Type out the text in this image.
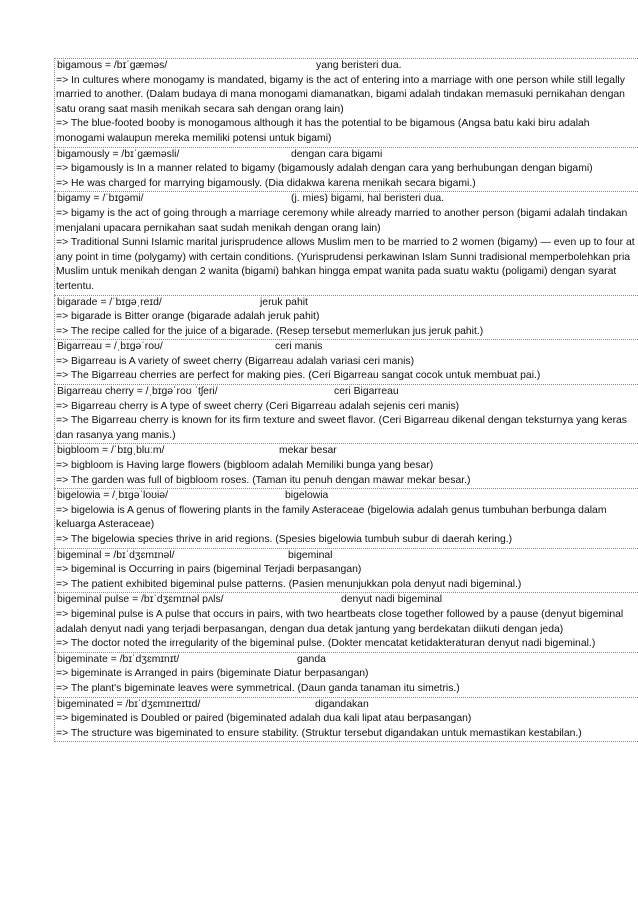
bigamous = /bɪˈɡæməs/	yang beristeri dua.
=> In cultures where monogamy is mandated, bigamy is the act of entering into a marriage with one person while still legally married to another. (Dalam budaya di mana monogami diamanatkan, bigami adalah tindakan memasuki pernikahan dengan satu orang saat masih menikah secara sah dengan orang lain)
=> The blue-footed booby is monogamous although it has the potential to be bigamous (Angsa batu kaki biru adalah monogami walaupun mereka memiliki potensi untuk bigami)
bigamously = /bɪˈɡæməsli/	dengan cara bigami
=> bigamously is In a manner related to bigamy (bigamously adalah dengan cara yang berhubungan dengan bigami)
=> He was charged for marrying bigamously. (Dia didakwa karena menikah secara bigami.)
bigamy = /ˈbɪɡəmi/	(j. mies) bigami, hal beristeri dua.
=> bigamy is the act of going through a marriage ceremony while already married to another person (bigami adalah tindakan menjalani upacara pernikahan saat sudah menikah dengan orang lain)
=> Traditional Sunni Islamic marital jurisprudence allows Muslim men to be married to 2 women (bigamy) — even up to four at any point in time (polygamy) with certain conditions. (Yurisprudensi perkawinan Islam Sunni tradisional memperbolehkan pria Muslim untuk menikah dengan 2 wanita (bigami) bahkan hingga empat wanita pada suatu waktu (poligami) dengan syarat tertentu.
bigarade = /ˈbɪɡəˌreɪd/	jeruk pahit
=> bigarade is Bitter orange (bigarade adalah jeruk pahit)
=> The recipe called for the juice of a bigarade. (Resep tersebut memerlukan jus jeruk pahit.)
Bigarreau = /ˌbɪɡəˈroʊ/	ceri manis
=> Bigarreau is A variety of sweet cherry (Bigarreau adalah variasi ceri manis)
=> The Bigarreau cherries are perfect for making pies. (Ceri Bigarreau sangat cocok untuk membuat pai.)
Bigarreau cherry = /ˌbɪɡəˈroʊ ˈtʃeri/	ceri Bigarreau
=> Bigarreau cherry is A type of sweet cherry (Ceri Bigarreau adalah sejenis ceri manis)
=> The Bigarreau cherry is known for its firm texture and sweet flavor. (Ceri Bigarreau dikenal dengan teksturnya yang keras dan rasanya yang manis.)
bigbloom = /ˈbɪɡˌbluːm/	mekar besar
=> bigbloom is Having large flowers (bigbloom adalah Memiliki bunga yang besar)
=> The garden was full of bigbloom roses. (Taman itu penuh dengan mawar mekar besar.)
bigelowia = /ˌbɪɡəˈloʊiə/	bigelowia
=> bigelowia is A genus of flowering plants in the family Asteraceae (bigelowia adalah genus tumbuhan berbunga dalam keluarga Asteraceae)
=> The bigelowia species thrive in arid regions. (Spesies bigelowia tumbuh subur di daerah kering.)
bigeminal = /bɪˈdʒɛmɪnəl/	bigeminal
=> bigeminal is Occurring in pairs (bigeminal Terjadi berpasangan)
=> The patient exhibited bigeminal pulse patterns. (Pasien menunjukkan pola denyut nadi bigeminal.)
bigeminal pulse = /bɪˈdʒɛmɪnəl pʌls/	denyut nadi bigeminal
=> bigeminal pulse is A pulse that occurs in pairs, with two heartbeats close together followed by a pause (denyut bigeminal adalah denyut nadi yang terjadi berpasangan, dengan dua detak jantung yang berdekatan diikuti dengan jeda)
=> The doctor noted the irregularity of the bigeminal pulse. (Dokter mencatat ketidakteraturan denyut nadi bigeminal.)
bigeminate = /bɪˈdʒɛmɪnɪt/	ganda
=> bigeminate is Arranged in pairs (bigeminate Diatur berpasangan)
=> The plant's bigeminate leaves were symmetrical. (Daun ganda tanaman itu simetris.)
bigeminated = /bɪˈdʒɛmɪneɪtɪd/	digandakan
=> bigeminated is Doubled or paired (bigeminated adalah dua kali lipat atau berpasangan)
=> The structure was bigeminated to ensure stability. (Struktur tersebut digandakan untuk memastikan kestabilan.)
